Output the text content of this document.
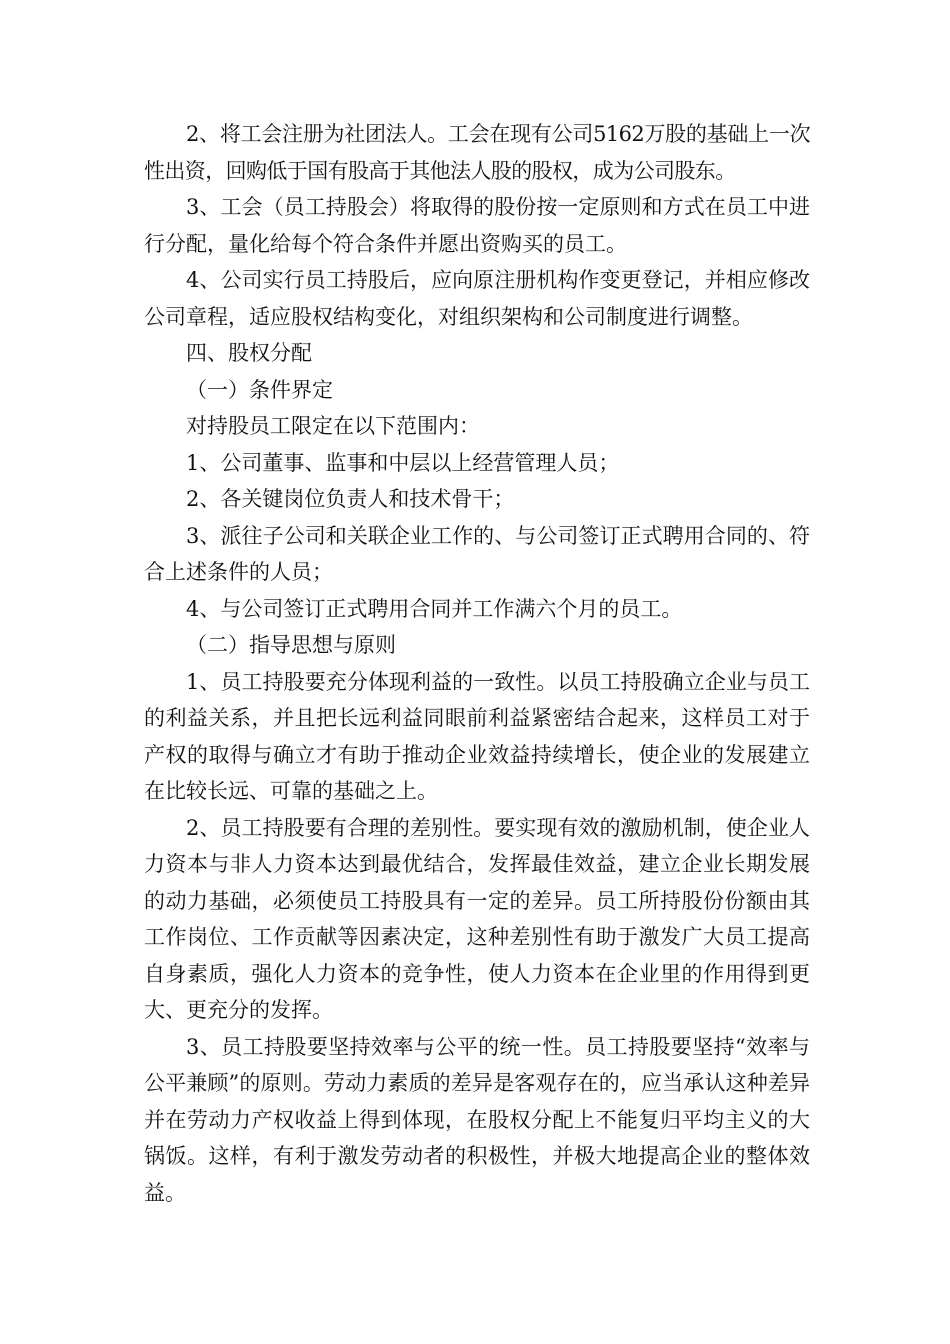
2、将工会注册为社团法人。工会在现有公司5162万股的基础上一次性出资，回购低于国有股高于其他法人股的股权，成为公司股东。

3、工会（员工持股会）将取得的股份按一定原则和方式在员工中进行分配，量化给每个符合条件并愿出资购买的员工。

4、公司实行员工持股后，应向原注册机构作变更登记，并相应修改公司章程，适应股权结构变化，对组织架构和公司制度进行调整。

四、股权分配

（一）条件界定

对持股员工限定在以下范围内：

1、公司董事、监事和中层以上经营管理人员；

2、各关键岗位负责人和技术骨干；

3、派往子公司和关联企业工作的、与公司签订正式聘用合同的、符合上述条件的人员；

4、与公司签订正式聘用合同并工作满六个月的员工。

（二）指导思想与原则

1、员工持股要充分体现利益的一致性。以员工持股确立企业与员工的利益关系，并且把长远利益同眼前利益紧密结合起来，这样员工对于产权的取得与确立才有助于推动企业效益持续增长，使企业的发展建立在比较长远、可靠的基础之上。

2、员工持股要有合理的差别性。要实现有效的激励机制，使企业人力资本与非人力资本达到最优结合，发挥最佳效益，建立企业长期发展的动力基础，必须使员工持股具有一定的差异。员工所持股份份额由其工作岗位、工作贡献等因素决定，这种差别性有助于激发广大员工提高自身素质，强化人力资本的竞争性，使人力资本在企业里的作用得到更大、更充分的发挥。

3、员工持股要坚持效率与公平的统一性。员工持股要坚持“效率与公平兼顾”的原则。劳动力素质的差异是客观存在的，应当承认这种差异并在劳动力产权收益上得到体现，在股权分配上不能复归平均主义的大锅饭。这样，有利于激发劳动者的积极性，并极大地提高企业的整体效益。
